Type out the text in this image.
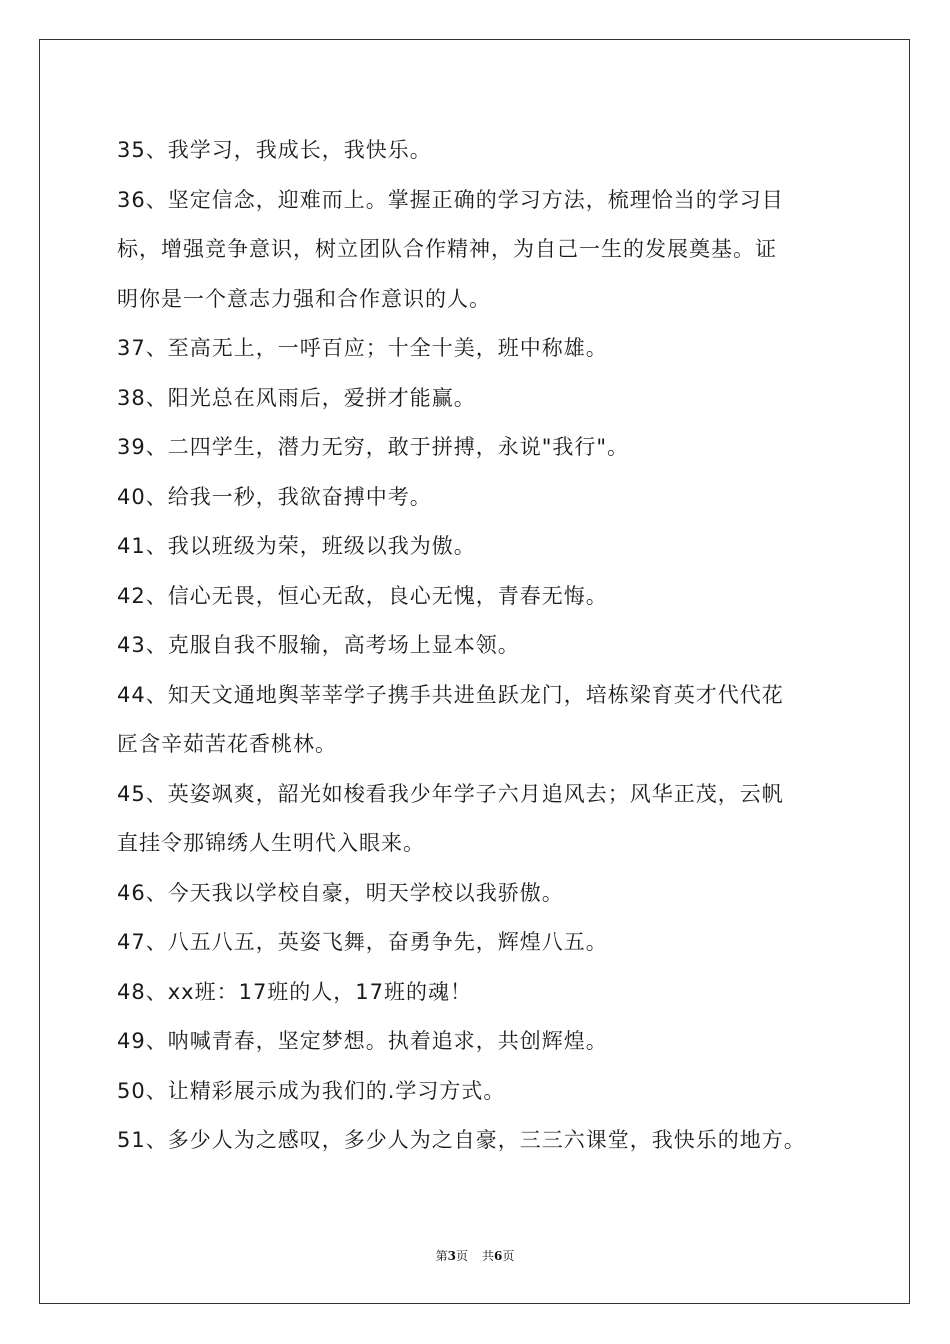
35、我学习，我成长，我快乐。
36、坚定信念，迎难而上。掌握正确的学习方法，梳理恰当的学习目
标，增强竞争意识，树立团队合作精神，为自己一生的发展奠基。证
明你是一个意志力强和合作意识的人。
37、至高无上，一呼百应；十全十美，班中称雄。
38、阳光总在风雨后，爱拼才能赢。
39、二四学生，潜力无穷，敢于拼搏，永说"我行"。
40、给我一秒，我欲奋搏中考。
41、我以班级为荣，班级以我为傲。
42、信心无畏，恒心无敌，良心无愧，青春无悔。
43、克服自我不服输，高考场上显本领。
44、知天文通地舆莘莘学子携手共进鱼跃龙门，培栋梁育英才代代花
匠含辛茹苦花香桃林。
45、英姿飒爽，韶光如梭看我少年学子六月追风去；风华正茂，云帆
直挂令那锦绣人生明代入眼来。
46、今天我以学校自豪，明天学校以我骄傲。
47、八五八五，英姿飞舞，奋勇争先，辉煌八五。
48、xx班：17班的人，17班的魂！
49、呐喊青春，坚定梦想。执着追求，共创辉煌。
50、让精彩展示成为我们的.学习方式。
51、多少人为之感叹，多少人为之自豪，三三六课堂，我快乐的地方。
第3页 共6页
